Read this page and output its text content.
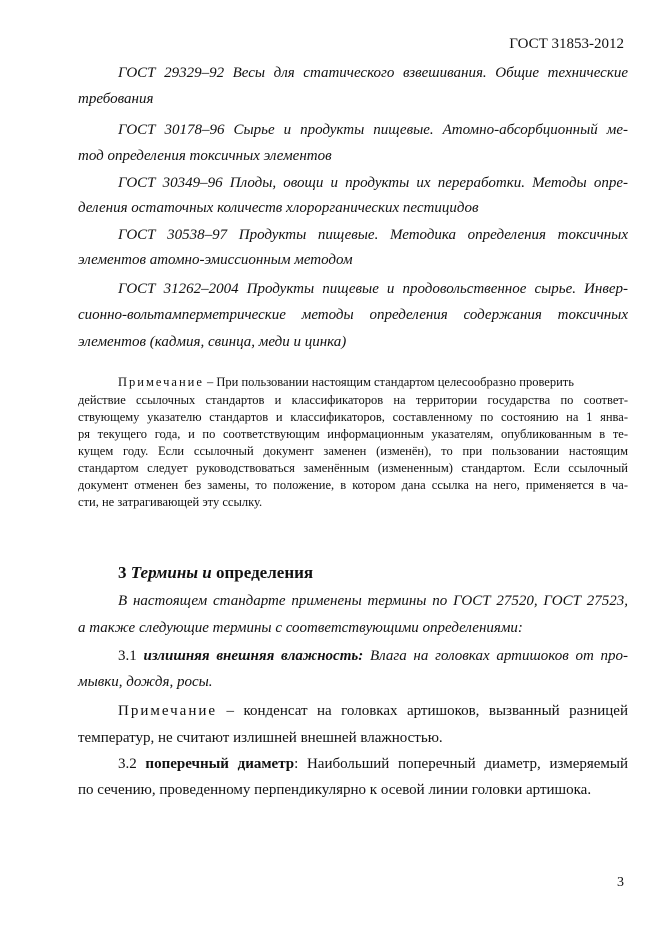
ГОСТ 31853-2012
ГОСТ 29329–92 Весы для статического взвешивания. Общие технические
требования
ГОСТ 30178–96 Сырье и продукты пищевые. Атомно-абсорбционный ме-
тод определения токсичных элементов
ГОСТ 30349–96 Плоды, овощи и продукты их переработки. Методы опре-
деления остаточных количеств хлорорганических пестицидов
ГОСТ 30538–97 Продукты пищевые. Методика определения токсичных
элементов атомно-эмиссионным методом
ГОСТ 31262–2004 Продукты пищевые и продовольственное сырье. Инвер-
сионно-вольтамперметрические методы определения содержания токсичных
элементов (кадмия, свинца, меди и цинка)
Примечание – При пользовании настоящим стандартом целесообразно проверить
действие ссылочных стандартов и классификаторов на территории государства по соответ-
ствующему указателю стандартов и классификаторов, составленному по состоянию на 1 янва-
ря текущего года, и по соответствующим информационным указателям, опубликованным в те-
кущем году. Если ссылочный документ заменен (изменён), то при пользовании настоящим
стандартом следует руководствоваться заменённым (измененным) стандартом. Если ссылочный
документ отменен без замены, то положение, в котором дана ссылка на него, применяется в ча-
сти, не затрагивающей эту ссылку.
3 Термины и определения
В настоящем стандарте применены термины по ГОСТ 27520, ГОСТ 27523,
а также следующие термины с соответствующими определениями:
3.1 излишняя внешняя влажность: Влага на головках артишоков от про-
мывки, дождя, росы.
Примечание – конденсат на головках артишоков, вызванный разницей
температур, не считают излишней внешней влажностью.
3.2 поперечный диаметр: Наибольший поперечный диаметр, измеряемый
по сечению, проведенному перпендикулярно к осевой линии головки артишока.
3
